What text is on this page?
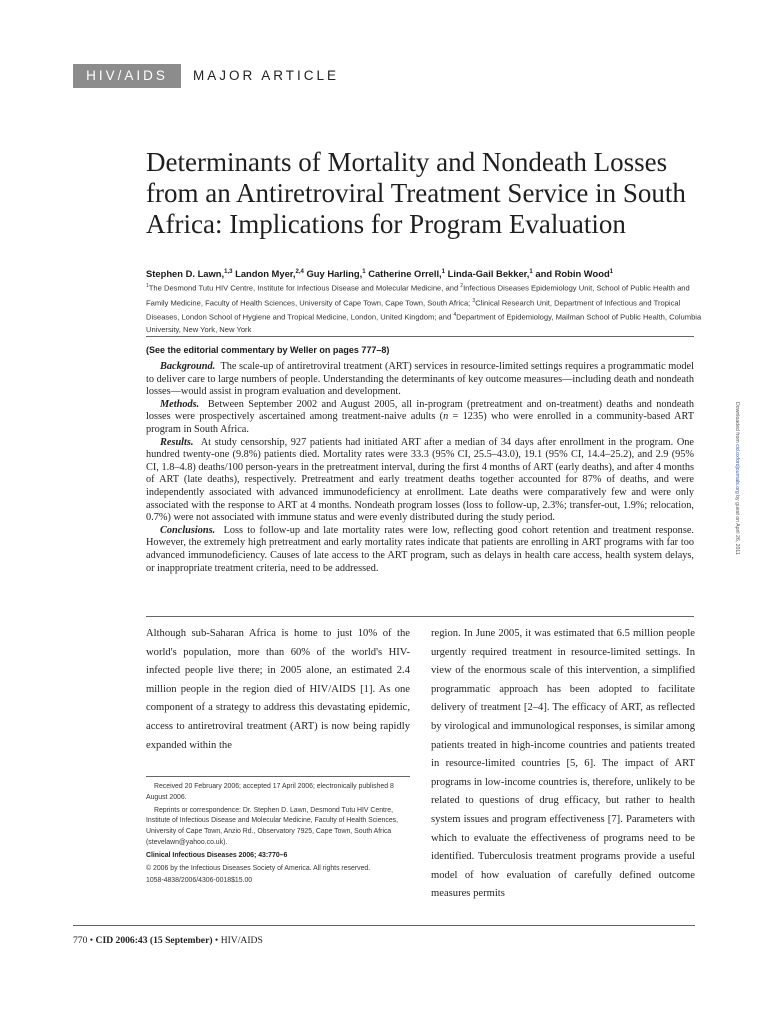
HIV/AIDS	MAJOR ARTICLE
Determinants of Mortality and Nondeath Losses from an Antiretroviral Treatment Service in South Africa: Implications for Program Evaluation
Stephen D. Lawn,$^{1,3}$ Landon Myer,$^{2,4}$ Guy Harling,$^1$ Catherine Orrell,$^1$ Linda-Gail Bekker,$^1$ and Robin Wood$^1$
$^1$The Desmond Tutu HIV Centre, Institute for Infectious Disease and Molecular Medicine, and $^2$Infectious Diseases Epidemiology Unit, School of Public Health and Family Medicine, Faculty of Health Sciences, University of Cape Town, Cape Town, South Africa; $^3$Clinical Research Unit, Department of Infectious and Tropical Diseases, London School of Hygiene and Tropical Medicine, London, United Kingdom; and $^4$Department of Epidemiology, Mailman School of Public Health, Columbia University, New York, New York
(See the editorial commentary by Weller on pages 777–8)

Background. The scale-up of antiretroviral treatment (ART) services in resource-limited settings requires a programmatic model to deliver care to large numbers of people. Understanding the determinants of key outcome measures—including death and nondeath losses—would assist in program evaluation and development.

Methods. Between September 2002 and August 2005, all in-program (pretreatment and on-treatment) deaths and nondeath losses were prospectively ascertained among treatment-naive adults (n = 1235) who were enrolled in a community-based ART program in South Africa.

Results. At study censorship, 927 patients had initiated ART after a median of 34 days after enrollment in the program. One hundred twenty-one (9.8%) patients died. Mortality rates were 33.3 (95% CI, 25.5–43.0), 19.1 (95% CI, 14.4–25.2), and 2.9 (95% CI, 1.8–4.8) deaths/100 person-years in the pretreatment interval, during the first 4 months of ART (early deaths), and after 4 months of ART (late deaths), respectively. Pretreatment and early treatment deaths together accounted for 87% of deaths, and were independently associated with advanced immunodeficiency at enrollment. Late deaths were comparatively few and were only associated with the response to ART at 4 months. Nondeath program losses (loss to follow-up, 2.3%; transfer-out, 1.9%; relocation, 0.7%) were not associated with immune status and were evenly distributed during the study period.

Conclusions. Loss to follow-up and late mortality rates were low, reflecting good cohort retention and treatment response. However, the extremely high pretreatment and early mortality rates indicate that patients are enrolling in ART programs with far too advanced immunodeficiency. Causes of late access to the ART program, such as delays in health care access, health system delays, or inappropriate treatment criteria, need to be addressed.

Although sub-Saharan Africa is home to just 10% of the world's population, more than 60% of the world's HIV-infected people live there; in 2005 alone, an estimated 2.4 million people in the region died of HIV/AIDS [1]. As one component of a strategy to address this devastating epidemic, access to antiretroviral treatment (ART) is now being rapidly expanded within the

region. In June 2005, it was estimated that 6.5 million people urgently required treatment in resource-limited settings. In view of the enormous scale of this intervention, a simplified programmatic approach has been adopted to facilitate delivery of treatment [2–4]. The efficacy of ART, as reflected by virological and immunological responses, is similar among patients treated in high-income countries and patients treated in resource-limited countries [5, 6]. The impact of ART programs in low-income countries is, therefore, unlikely to be related to questions of drug efficacy, but rather to health system issues and program effectiveness [7]. Parameters with which to evaluate the effectiveness of programs need to be identified. Tuberculosis treatment programs provide a useful model of how evaluation of carefully defined outcome measures permits

Received 20 February 2006; accepted 17 April 2006; electronically published 8 August 2006.

Reprints or correspondence: Dr. Stephen D. Lawn, Desmond Tutu HIV Centre, Institute of Infectious Disease and Molecular Medicine, Faculty of Health Sciences, University of Cape Town, Anzio Rd., Observatory 7925, Cape Town, South Africa (stevelawn@yahoo.co.uk).

Clinical Infectious Diseases 2006; 43:770–6

© 2006 by the Infectious Diseases Society of America. All rights reserved.

1058-4838/2006/4306-0018$15.00

770 • CID 2006:43 (15 September) • HIV/AIDS
Downloaded from cid.oxfordjournals.org by guest on April 26, 2011
